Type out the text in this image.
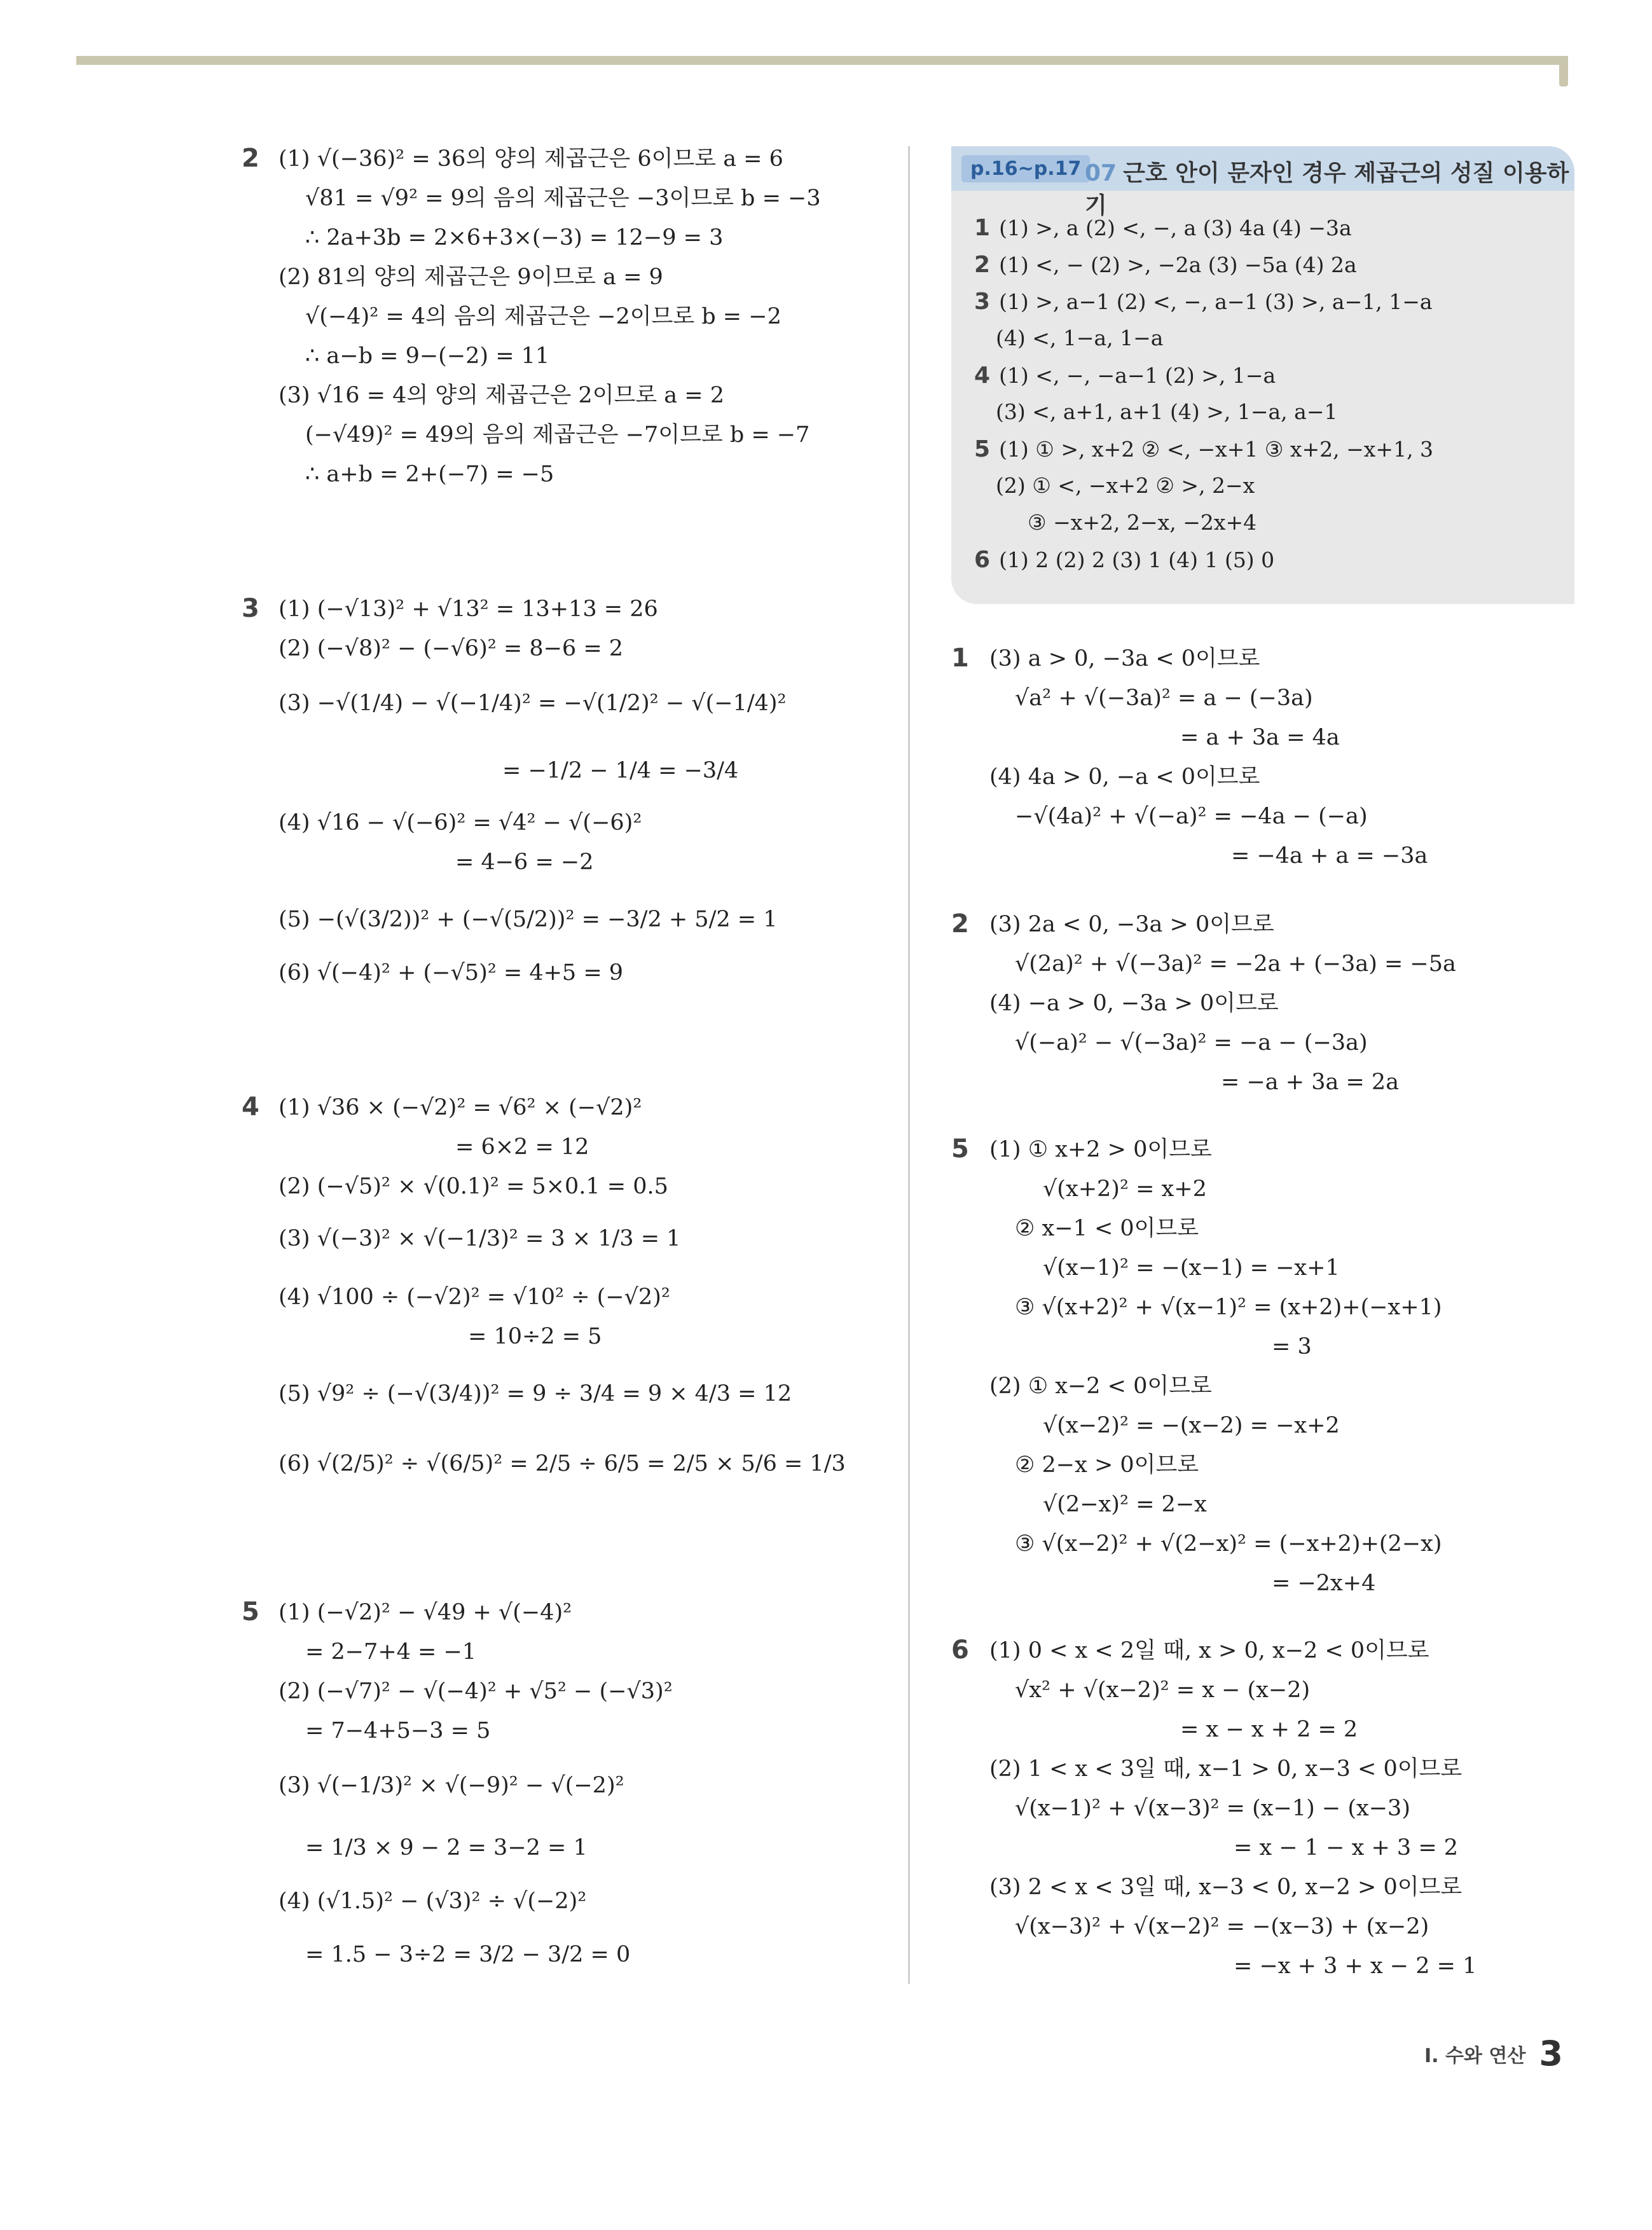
2 (1) √(−36)² = 36의 양의 제곱근은 6이므로 a = 6
√81 = √9² = 9의 음의 제곱근은 −3이므로 b = −3
∴ 2a+3b = 2×6+3×(−3) = 12−9 = 3
(2) 81의 양의 제곱근은 9이므로 a = 9
√(−4)² = 4의 음의 제곱근은 −2이므로 b = −2
∴ a−b = 9−(−2) = 11
(3) √16 = 4의 양의 제곱근은 2이므로 a = 2
(−√49)² = 49의 음의 제곱근은 −7이므로 b = −7
∴ a+b = 2+(−7) = −5
3 (1) (−√13)² + √13² = 13+13 = 26
(2) (−√8)² − (−√6)² = 8−6 = 2
(3) −√(1/4) − √(−1/4)² = −√(1/2)² − √(−1/4)²
= −1/2 − 1/4 = −3/4
(4) √16 − √(−6)² = √4² − √(−6)²
= 4−6 = −2
(5) −(√(3/2))² + (−√(5/2))² = −3/2 + 5/2 = 1
(6) √(−4)² + (−√5)² = 4+5 = 9
4 (1) √36 × (−√2)² = √6² × (−√2)²
= 6×2 = 12
(2) (−√5)² × √(0.1)² = 5×0.1 = 0.5
(3) √(−3)² × √(−1/3)² = 3 × 1/3 = 1
(4) √100 ÷ (−√2)² = √10² ÷ (−√2)²
= 10÷2 = 5
(5) √9² ÷ (−√(3/4))² = 9 ÷ 3/4 = 9 × 4/3 = 12
(6) √(2/5)² ÷ √(6/5)² = 2/5 ÷ 6/5 = 2/5 × 5/6 = 1/3
5 (1) (−√2)² − √49 + √(−4)²
= 2−7+4 = −1
(2) (−√7)² − √(−4)² + √5² − (−√3)²
= 7−4+5−3 = 5
(3) √(−1/3)² × √(−9)² − √(−2)²
= 1/3 × 9 − 2 = 3−2 = 1
(4) (√1.5)² − (√3)² ÷ √(−2)²
= 1.5 − 3÷2 = 3/2 − 3/2 = 0
p.16~p.17 07 근호 안이 문자인 경우 제곱근의 성질 이용하기
1 (1) >, a (2) <, −, a (3) 4a (4) −3a
2 (1) <, − (2) >, −2a (3) −5a (4) 2a
3 (1) >, a−1 (2) <, −, a−1 (3) >, a−1, 1−a
(4) <, 1−a, 1−a
4 (1) <, −, −a−1 (2) >, 1−a
(3) <, a+1, a+1 (4) >, 1−a, a−1
5 (1) ① >, x+2 ② <, −x+1 ③ x+2, −x+1, 3
(2) ① <, −x+2 ② >, 2−x
③ −x+2, 2−x, −2x+4
6 (1) 2 (2) 2 (3) 1 (4) 1 (5) 0
1 (3) a > 0, −3a < 0이므로
√a² + √(−3a)² = a − (−3a)
= a + 3a = 4a
(4) 4a > 0, −a < 0이므로
−√(4a)² + √(−a)² = −4a − (−a)
= −4a + a = −3a
2 (3) 2a < 0, −3a > 0이므로
√(2a)² + √(−3a)² = −2a + (−3a) = −5a
(4) −a > 0, −3a > 0이므로
√(−a)² − √(−3a)² = −a − (−3a)
= −a + 3a = 2a
5 (1) ① x+2 > 0이므로
√(x+2)² = x+2
② x−1 < 0이므로
√(x−1)² = −(x−1) = −x+1
③ √(x+2)² + √(x−1)² = (x+2)+(−x+1)
= 3
(2) ① x−2 < 0이므로
√(x−2)² = −(x−2) = −x+2
② 2−x > 0이므로
√(2−x)² = 2−x
③ √(x−2)² + √(2−x)² = (−x+2)+(2−x)
= −2x+4
6 (1) 0 < x < 2일 때, x > 0, x−2 < 0이므로
√x² + √(x−2)² = x − (x−2)
= x − x + 2 = 2
(2) 1 < x < 3일 때, x−1 > 0, x−3 < 0이므로
√(x−1)² + √(x−3)² = (x−1) − (x−3)
= x − 1 − x + 3 = 2
(3) 2 < x < 3일 때, x−3 < 0, x−2 > 0이므로
√(x−3)² + √(x−2)² = −(x−3) + (x−2)
= −x + 3 + x − 2 = 1
I. 수와 연산 3
